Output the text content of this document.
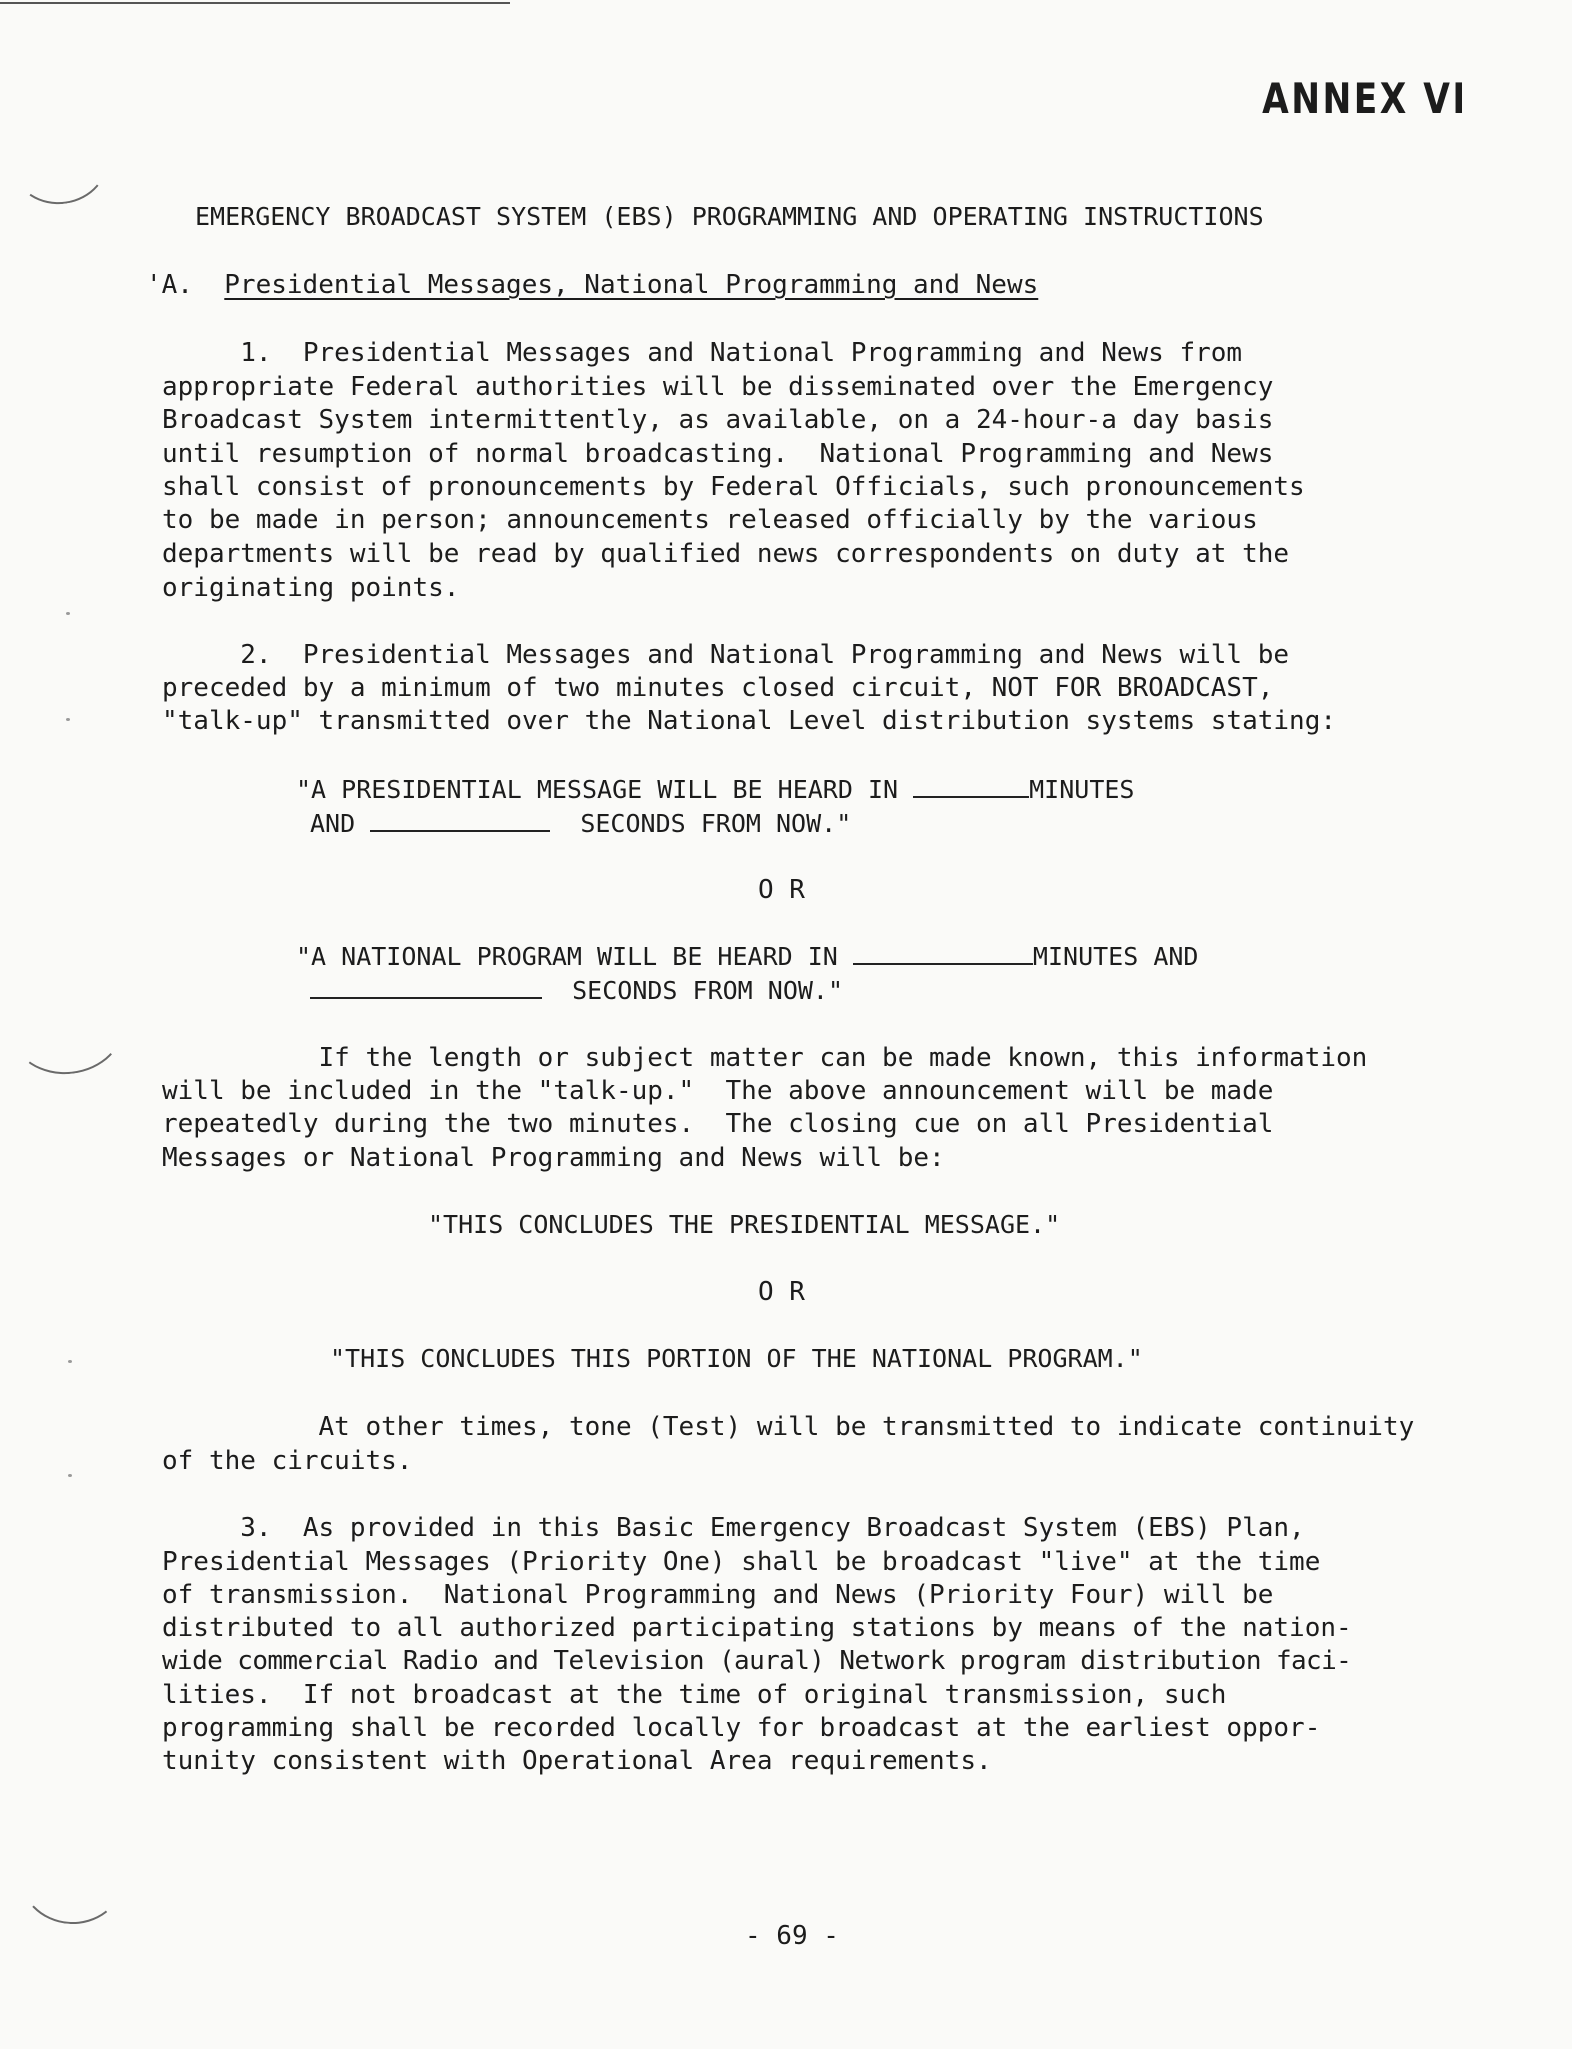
ANNEX VI
EMERGENCY BROADCAST SYSTEM (EBS) PROGRAMMING AND OPERATING INSTRUCTIONS
'A. Presidential Messages, National Programming and News
1.  Presidential Messages and National Programming and News from
appropriate Federal authorities will be disseminated over the Emergency
Broadcast System intermittently, as available, on a 24-hour-a day basis
until resumption of normal broadcasting.  National Programming and News
shall consist of pronouncements by Federal Officials, such pronouncements
to be made in person; announcements released officially by the various
departments will be read by qualified news correspondents on duty at the
originating points.
2.  Presidential Messages and National Programming and News will be
preceded by a minimum of two minutes closed circuit, NOT FOR BROADCAST,
"talk-up" transmitted over the National Level distribution systems stating:
"A PRESIDENTIAL MESSAGE WILL BE HEARD IN	MINUTES
AND	SECONDS FROM NOW."
O R
"A NATIONAL PROGRAM WILL BE HEARD IN	MINUTES AND
SECONDS FROM NOW."
If the length or subject matter can be made known, this information
will be included in the "talk-up."  The above announcement will be made
repeatedly during the two minutes.  The closing cue on all Presidential
Messages or National Programming and News will be:
"THIS CONCLUDES THE PRESIDENTIAL MESSAGE."
O R
"THIS CONCLUDES THIS PORTION OF THE NATIONAL PROGRAM."
At other times, tone (Test) will be transmitted to indicate continuity
of the circuits.
3.  As provided in this Basic Emergency Broadcast System (EBS) Plan,
Presidential Messages (Priority One) shall be broadcast "live" at the time
of transmission.  National Programming and News (Priority Four) will be
distributed to all authorized participating stations by means of the nation-
wide commercial Radio and Television (aural) Network program distribution faci-
lities.  If not broadcast at the time of original transmission, such
programming shall be recorded locally for broadcast at the earliest oppor-
tunity consistent with Operational Area requirements.
- 69 -
